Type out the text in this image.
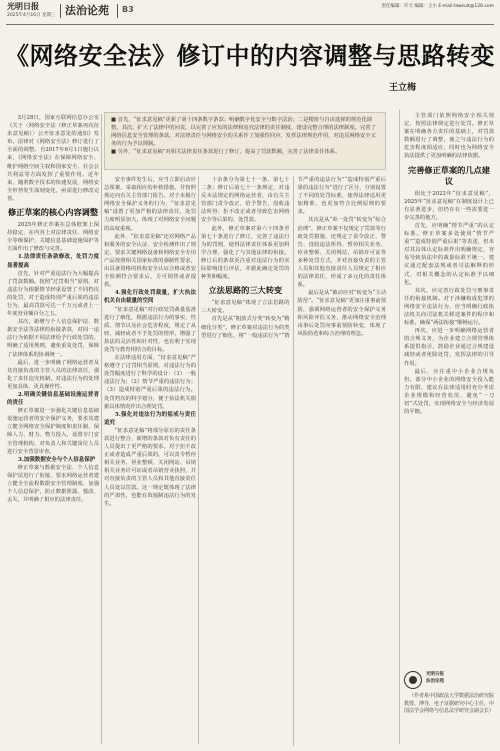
光明日报
2025年4月16日 星期三 法治论苑 B3	责任编辑：许天 编辑：王小 E-mail:lawsuit@126.com
《网络安全法》修订中的内容调整与思路转变
王立梅

■ 首先，“征求意见稿”更新了第十四条数字条款；明确数字化安全与数字法治；二是精密与自由选择的规范化调整。其次，扩大了法律中的问责，以完善了应负的法律和追究法律的责任制度，建设完整合理的法律制度。完善了网络信息安全管理的条款，对法律责任与网络安全的关系作了加强性回应，发挥法律规范作用，对违反网络安全义务的行为予以规制。

■ 另外，“征求意见稿”对相关法律责任条款进行了修订，提高了罚款数额，完善了法律责任体系。

3月28日，国家互联网信息办公室《关于〈网络安全法（修正草案再次征求意见稿）〉公开征求意见的通知》发布，法律对《网络安全法》修订进行了全面的调整。自2017年6月1日施行以来，《网络安全法》在保障网络安全、维护网络空间主权和国家安全、社会公共利益等方面发挥了重要作用。近年来，随着数字技术的快速发展，网络安全形势发生深刻变化，亟需进行修改完善。

修正草案的核心内容调整

2025年修正草案在总体框架上保持稳定，在内容上对法律责任、网络安全等级保护、关键信息基础设施保护等方面作出了修改与完善。

1.法律责任条款修改，处罚力度显著提高

首先，针对严重违法行为大幅提高了罚款数额。按照“过罚相当”原则，对违法行为根据情节轻重设置了不同档次的处罚，对于造成特别严重后果的违法行为，最高罚款可达一千万元或者上一年度营业额百分之五。

其次，新增与个人信息保护法、数据安全法等法律的衔接条款，对同一违法行为依据不同法律给予行政处罚的，明确了适用规则，避免重复处罚，保障了法律体系的协调统一。

最后，进一步明确了网络运营者及其直接负责的主管人员的法律责任，强化了责任追究机制，对违法行为的处理更加具体、更具操作性。

2.明确关键信息基础设施运营者的责任

修正草案进一步强化关键信息基础设施运营者的安全保护义务，要求其建立健全网络安全保护制度和责任制，保障人力、财力、物力投入，设置专门安全管理机构，对负责人和关键岗位人员进行安全背景审查。

3.加强数据安全与个人信息保护

修正草案与数据安全法、个人信息保护法进行了衔接，要求网络运营者建立健全全流程数据安全管理制度，加强个人信息保护，防止数据泄露、篡改、丢失，并明确了相应的法律责任。

安全事件发生后，应当立即启动应急预案，采取相应的补救措施，并按照规定向有关主管部门报告。对于未履行网络安全保护义务的行为，“征求意见稿”设置了更加严格的法律责任，处罚力度明显加大，体现了对网络安全问题的高度重视。

此外，“征求意见稿”还对网络产品和服务的安全认证、安全检测作出了规定，要求关键网络设备和网络安全专用产品按照相关国家标准的强制性要求，由具备资格的机构安全认证合格或者安全检测符合要求后，方可销售或者提供。

4.强化行政处罚裁量，扩大执法机关自由裁量的空间

“征求意见稿”对行政处罚裁量基准进行了细化，根据违法行为的事实、性质、情节以及社会危害程度，规定了从轻、减轻或者不予处罚的情形，增强了执法的灵活性和针对性，也有利于实现处罚与教育相结合的目标。

在法律适用方面，“征求意见稿”严格遵守了过罚相当原则，对违法行为的处罚幅度进行了科学的设计：（1）一般违法行为；（2）情节严重的违法行为；（3）造成特别严重后果的违法行为。处罚档次的科学划分，便于执法机关根据具体情况作出合理处罚。

5.强化对违法行为的惩戒与责任追究

“征求意见稿”将部分原有的责任条款进行整合，新增的条款对负有责任的人员提出了更严格的要求。对于拒不改正或者造成严重后果的，可以责令暂停相关业务、停业整顿、关闭网站、吊销相关业务许可证或者吊销营业执照，并对直接负责的主管人员和其他直接责任人员处以罚款。这一规定既体现了法律的严肃性，也能有效遏制违法行为的发生。

十余条分为第七十一条、第七十二条；修订后第七十一条规定，对违反本法规定的网络运营者，由有关主管部门责令改正，给予警告，没收违法所得；拒不改正或者导致危害网络安全等后果的，处罚款。

此外，修正草案对第六十四条至第七十条进行了修订，完善了违法行为的罚则，使得法律责任体系更加科学合理，强化了与其他法律的衔接。修订后的条款更注重对违法行为的实际影响进行评估，并据此确定处罚的种类和幅度。

立法思路的三大转变

“征求意见稿”体现了立法思路的三大转变。

首先是从“粗放式分类”转变为“精细化分类”。修正草案对违法行为的类型进行了细化，将“一般违法行为”“情节严重的违法行为”“造成特别严重后果的违法行为”进行了区分，分别设置了不同的处罚标准，使得法律适用更加精准，也更加符合比例原则的要求。

其次是从“单一处罚”转变为“综合治理”。修正草案不仅规定了罚款等行政处罚措施，还规定了责令改正、警告、没收违法所得、暂停相关业务、停业整顿、关闭网站、吊销许可证等多种处罚方式，并对直接负责的主管人员和其他直接责任人员规定了相应的法律责任，形成了多元化的责任体系。

最后是从“被动应对”转变为“主动防范”。“征求意见稿”更加注重事前预防，强调网络运营者的安全保护义务和风险评估义务，推动网络安全治理由事后处罚向事前预防转变，体现了风险防范和综合治理的理念。

主管部门依照网络安全相关规定，按照法律规定进行处罚。修正草案在明确各方责任的基础上，对罚款数额进行了调整，使之与违法行为的危害程度相适应，同时也为网络安全执法提供了更加明确的法律依据。

完善修正草案的几点建议

相比于2022年“征求意见稿”，2025年“征求意见稿”在制度设计上已有显著进步，但仍存在一些需要进一步完善的地方。

首先，应明确“情节严重”的认定标准。修正草案多处使用“情节严重”“造成特别严重后果”等表述，但未对其具体认定标准作出明确规定，容易导致执法中的裁量标准不统一。建议通过配套法规或者司法解释的形式，对相关概念的认定标准予以细化。

其次，应完善行政处罚与刑事责任的衔接机制。对于涉嫌构成犯罪的网络安全违法行为，应当明确行政执法机关向司法机关移送案件的程序和标准，确保“两法衔接”顺畅运行。

再次，应进一步明确网络运营者的合规义务，为企业建立合规管理体系提供指引，鼓励企业通过合规建设减轻或者免除处罚，发挥法律的引导作用。

最后，应注重中小企业合规负担。部分中小企业的网络安全投入能力有限，建议在法律适用时充分考虑企业规模和经营状况，避免“一刀切”式处罚，实现网络安全与经济发展的平衡。

光明日报
法治论苑
（作者系中国政法大学数据法治研究院教授、博导，电子证据研究中心主任，中国法学会网络与信息法学研究会副会长）
